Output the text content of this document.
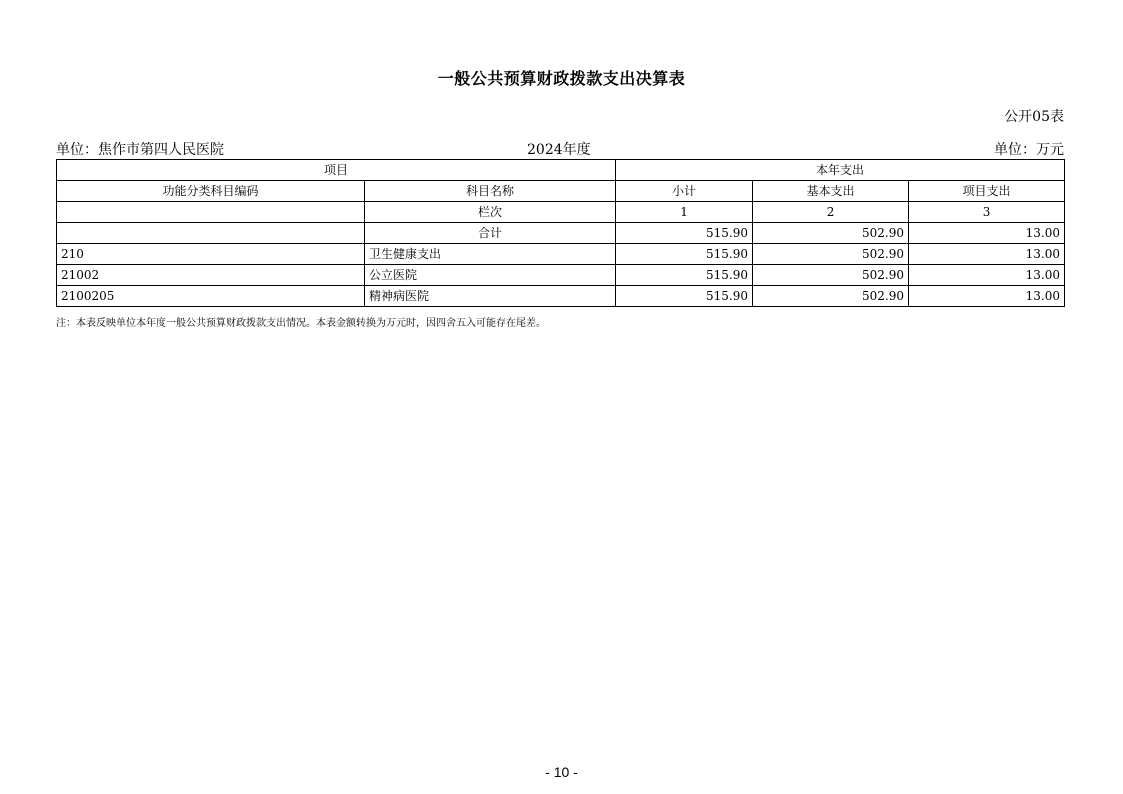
一般公共预算财政拨款支出决算表
公开05表
单位：焦作市第四人民医院	2024年度	单位：万元
项目		本年支出		
功能分类科目编码	科目名称	小计	基本支出	项目支出
	栏次	1	2	3
	合计	515.90	502.90	13.00
210	卫生健康支出	515.90	502.90	13.00
21002	公立医院	515.90	502.90	13.00
2100205	精神病医院	515.90	502.90	13.00
注：本表反映单位本年度一般公共预算财政拨款支出情况。本表金额转换为万元时，因四舍五入可能存在尾差。
- 10 -
